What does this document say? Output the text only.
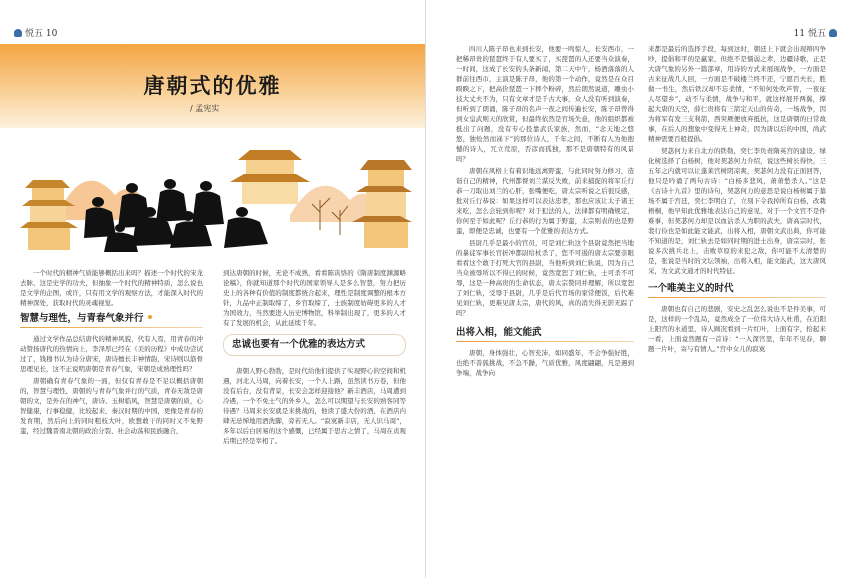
悦五 10
唐朝式的优雅
/ 孟宪实

一个时代的精神气质能够概括出来吗？描述一个时代的宋龙去脉，这是史学的功夫，但抽象一个时代的精神特质，怎么说也是文学的企图，或许，只有用文学的观察方法，才能深入时代的精神深处，获取时代的灵魂视觉。

智慧与理性，与青春气象并行

通过文学作品总结唐代的精神风貌，代有人焉，用青春的冲动赞扬唐代的热情向上，李泽厚已经在《美的历程》中成功尝试过了，钱穆书认为诗分唐宋，唐诗擅长丰神情韵，宋诗则以筋骨思理见长，这不正说明唐朝是青春气象，宋朝是成熟理性吗？

唐朝确有青春气象的一面，但仅有青春是不足以概括唐朝的，智慧与理性，唐朝的与青春气象并行的气质，青春无敌是唐朝的文，是外在的神气，唐诗、玉树临风，智慧是唐朝的质，心智健康，行事稳健，比较起来，秦汉时期的中国，更像是青春的发育期，然后向上的同时粗枝大叶，欧想敢干的同时又不免野蛮，经过魏晋南北朝的政治分裂、社会动荡和民族融合，

到达唐朝的时候，无论不成熟，看看陈寅恪的《隋唐制度渊源略论稿》，你就知道那个时代的国家领导人是多么智慧，努力把历史上的各种有价值的制度都统合起来，理性是制度调整的根本方针，九品中正制取缔了，乡官取缔了，士族制度妨碍更多的人才为国效力，当然要进入历史博物馆，科举制出现了，更多的人才有了发展的机会，从此延续千年。

忠诚也要有一个优雅的表达方式

唐朝人野心勃勃，是时代给他们提供了实现野心的空间和机遇，河北人马周，向着长安，一个人上路，虽然读书万卷，但他没有后台，没有背景，长安会怎样迎接他？新丰酒店，马周遭到冷遇，一个不免士气的外乡人，怎么可以期望与长安的熟客同等待遇？马周来长安就是来挑战的，他读了盛大份的酒，在酒店内肆无忌惮地用酒洗脚，旁若无人。“寂寞新丰店，无人识马周”，多年以后白居易的这个感慨，已经属于思古之情了，马周在贞观后期已经是宰相了。

11 悦五

四川人陈子昂也来到长安，他要一鸣惊人，长安西市，一把稀昂贵的琵琶终于有人要买了，买琵琶的人还要当众演奏，一时间，这成了长安的头条新闻，第二天中午，杨酒落落的人群前往西市，主演是陈子昂，他的第一个动作，竟然是在众目睽睽之下，把高价琵琶一下摔个粉碎，然后朗然说道，雕虫小技大丈夫不为，只有文章才是千古大事，众人没有听到演奏，但听到了朗诵，陈子昂的名声一夜之间传遍长安，陈子昂曾得到女皇武则天的欣赏，但最终依然是官场失意，他的组织都被抵出了问题，没有专心投靠武氏家族，然而，“念天地之悠悠，独怆然而涕下”的那位诗人，千年之间，不断有人为他抱憾的诗人，冗立荒原，否彦而孤独，那不是唐朝特有的风景吗？

唐朝在风格上有着识地远离野蛮，与此同时努力修习，造诣自己的精神，代州都督刘兰谋反失败，前来捕捉的将军丘行恭一刀取出刘兰的心肝，张嘴便吃，唐太宗听说之后很反感，批对丘行恭说：如果这样可以表达忠孝，那也应该让太子诸王来吃，怎么会轮到你呢？对于犯法的人，法律都有明确规定，你何至于如此呢？丘行恭的行为属于野蛮，太宗则表的也是野蛮，即便是忠诚，也要有一个优雅的表达方式。

县尉几乎是最小的官员，可是刘仁轨这个县尉竟然把当地的暴徒军事长官折冲都尉给杖杀了，您不可遏的唐太宗要亲眼看看这个敢于打死大官的县尉，当他听到刘仁轨说，因为自己当众被辱所以不得已的时候，竟然宽恕了刘仁轨，士可杀不可辱，这是一种高贵的生命状态，唐太宗赞同并理解，所以宽恕了刘仁轨，受辱于县尉，几乎是后代官场的家常便饭，后代难见刘仁轨，更难见唐太宗，唐代的风，真的消失得无影无踪了吗？

出将入相，能文能武

唐朝，身体强壮，心智充沛，如同盛年，不会争强好胜，也绝不善狐挑战，不急不躁，气质优雅，风度翩翩，凡是遇到争端，战争向

来都是最后的选择手段，每到这时，朝廷上下就会出现辩四争吵，提倡和平的是赢家，但绝不是懦弱之辈，边疆诗歌，正是大唐气象的另外一篇部章，用诗的方式来展现战争，一方面是古来征战几人回，一方面是不破楼兰终不还，宁愿百夫长，胜做一书生，然后铁汉却不忘柔情，“不知何处吹芦管，一夜征人尽望乡”，动不与柔情，战争与和平，就这样展开两翼，撑起大唐的天空，薛仁贵将有三箭定天山的传奇，一场战争，因为将军有发三支利箭，西突厥便放弃抵抗，这是唐朝的日常故事，在后人的想象中变得无上神奇，因为唐以后的中国，尚武精神需要百般提倡。

契苾何力来自北方的铁勒，奕仁李负责隋英宫的建设，绿化树选择了白杨树，他对契苾何力介绍，说这些树长得快，三五年之内就可以让蓬莱宫树阴凉爽，契苾何力没有正面回答，他只是吟诵了两句古诗：“白杨多悲风，萧萧愁杀人。”这是《古诗十九首》里的诗句，契苾何力的意思是说白杨树属于墓场不属于宫廷，奕仁李明白了，立刻下令我掉所有白杨，改栽梧桐，他早知此优雅地表达自己的意见，对于一个文官不是件难事，但契苾何力却是以血沾杀人为职的武夫，唐高宗时代，裴行俭也是如此能文能武，出将入相，唐朝文武出典，你可能不知道的是，刘仁轨去是如同时期的进士出身，唐宗宗时，张说多次挑兵北上，击败草原的来犯之敌，你可能不太清楚的是，张说是当时的文坛领袖，出将入相，能文能武，这大唐风采，为文武文通才的时代特征。

一个唯美主义的时代

唐朝也有自己的悲剧，安史之乱怎么说也不是件美事，可是，这样的一个乱局，竟然成全了一位伟大诗人杜甫，在泊阳上阳宫的水道里，诗人顾况看到一片红叶，上面有字，拾起来一看，上面竟然题有一首诗：“一入深宫里，年年不见春，聊题一片叶，寄与有情人。”宫中女儿的寂寞
